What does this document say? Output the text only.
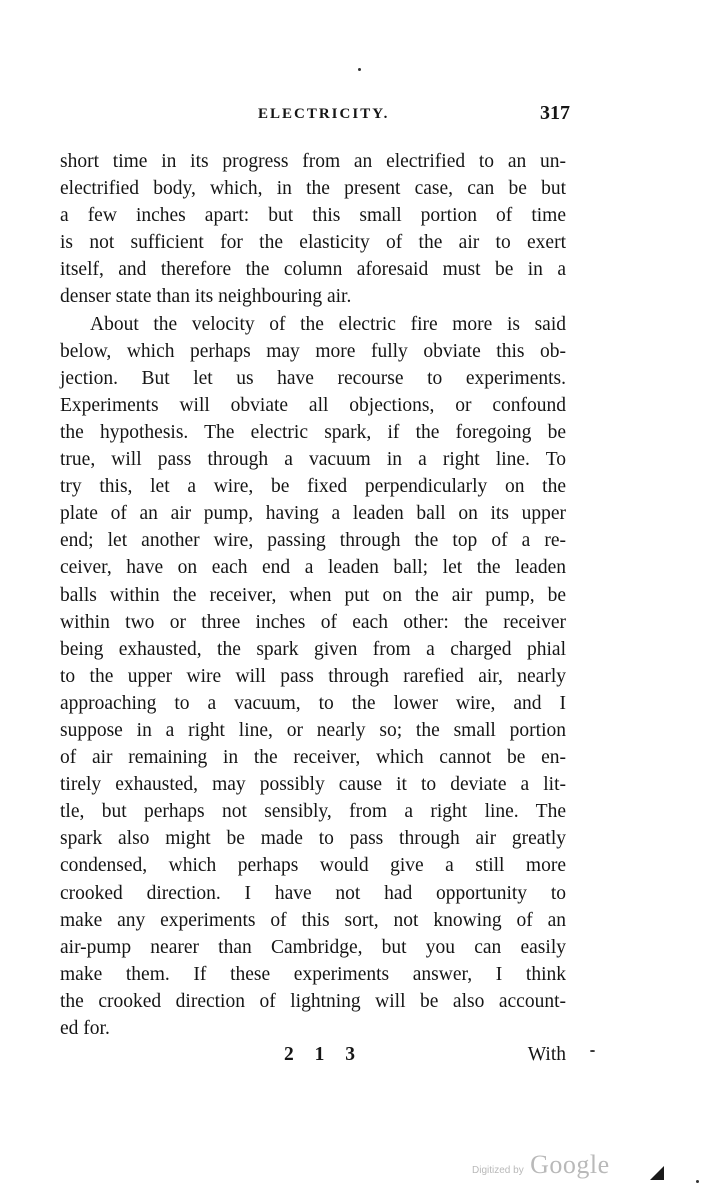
ELECTRICITY.	317
short time in its progress from an electrified to an un-
electrified body, which, in the present case, can be but
a few inches apart: but this small portion of time
is not sufficient for the elasticity of the air to exert
itself, and therefore the column aforesaid must be in a
denser state than its neighbouring air.
About the velocity of the electric fire more is said
below, which perhaps may more fully obviate this ob-
jection. But let us have recourse to experiments.
Experiments will obviate all objections, or confound
the hypothesis. The electric spark, if the foregoing be
true, will pass through a vacuum in a right line. To
try this, let a wire, be fixed perpendicularly on the
plate of an air pump, having a leaden ball on its upper
end; let another wire, passing through the top of a re-
ceiver, have on each end a leaden ball; let the leaden
balls within the receiver, when put on the air pump, be
within two or three inches of each other: the receiver
being exhausted, the spark given from a charged phial
to the upper wire will pass through rarefied air, nearly
approaching to a vacuum, to the lower wire, and I
suppose in a right line, or nearly so; the small portion
of air remaining in the receiver, which cannot be en-
tirely exhausted, may possibly cause it to deviate a lit-
tle, but perhaps not sensibly, from a right line. The
spark also might be made to pass through air greatly
condensed, which perhaps would give a still more
crooked direction. I have not had opportunity to
make any experiments of this sort, not knowing of an
air-pump nearer than Cambridge, but you can easily
make them. If these experiments answer, I think
the crooked direction of lightning will be also account-
ed for.
2 1 3	With
Digitized by Google
